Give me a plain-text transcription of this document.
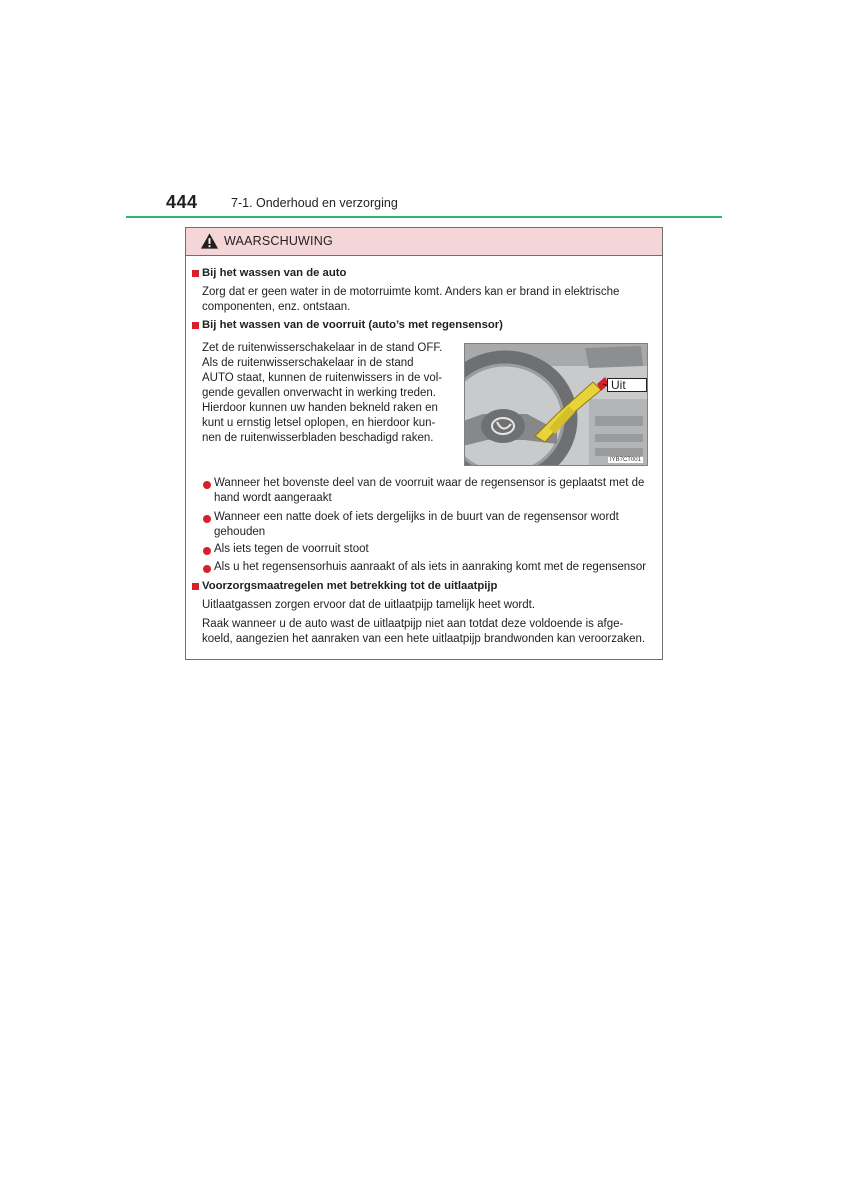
444	7-1. Onderhoud en verzorging
WAARSCHUWING
Bij het wassen van de auto
Zorg dat er geen water in de motorruimte komt. Anders kan er brand in elektrische
componenten, enz. ontstaan.
Bij het wassen van de voorruit (auto’s met regensensor)
Zet de ruitenwisserschakelaar in de stand OFF.
Als de ruitenwisserschakelaar in de stand
AUTO staat, kunnen de ruitenwissers in de vol-
gende gevallen onverwacht in werking treden.
Hierdoor kunnen uw handen bekneld raken en
kunt u ernstig letsel oplopen, en hierdoor kun-
nen de ruitenwisserbladen beschadigd raken.
Uit
IYB7CT001
Wanneer het bovenste deel van de voorruit waar de regensensor is geplaatst met de
hand wordt aangeraakt
Wanneer een natte doek of iets dergelijks in de buurt van de regensensor wordt
gehouden
Als iets tegen de voorruit stoot
Als u het regensensorhuis aanraakt of als iets in aanraking komt met de regensensor
Voorzorgsmaatregelen met betrekking tot de uitlaatpijp
Uitlaatgassen zorgen ervoor dat de uitlaatpijp tamelijk heet wordt.
Raak wanneer u de auto wast de uitlaatpijp niet aan totdat deze voldoende is afge-
koeld, aangezien het aanraken van een hete uitlaatpijp brandwonden kan veroorzaken.
